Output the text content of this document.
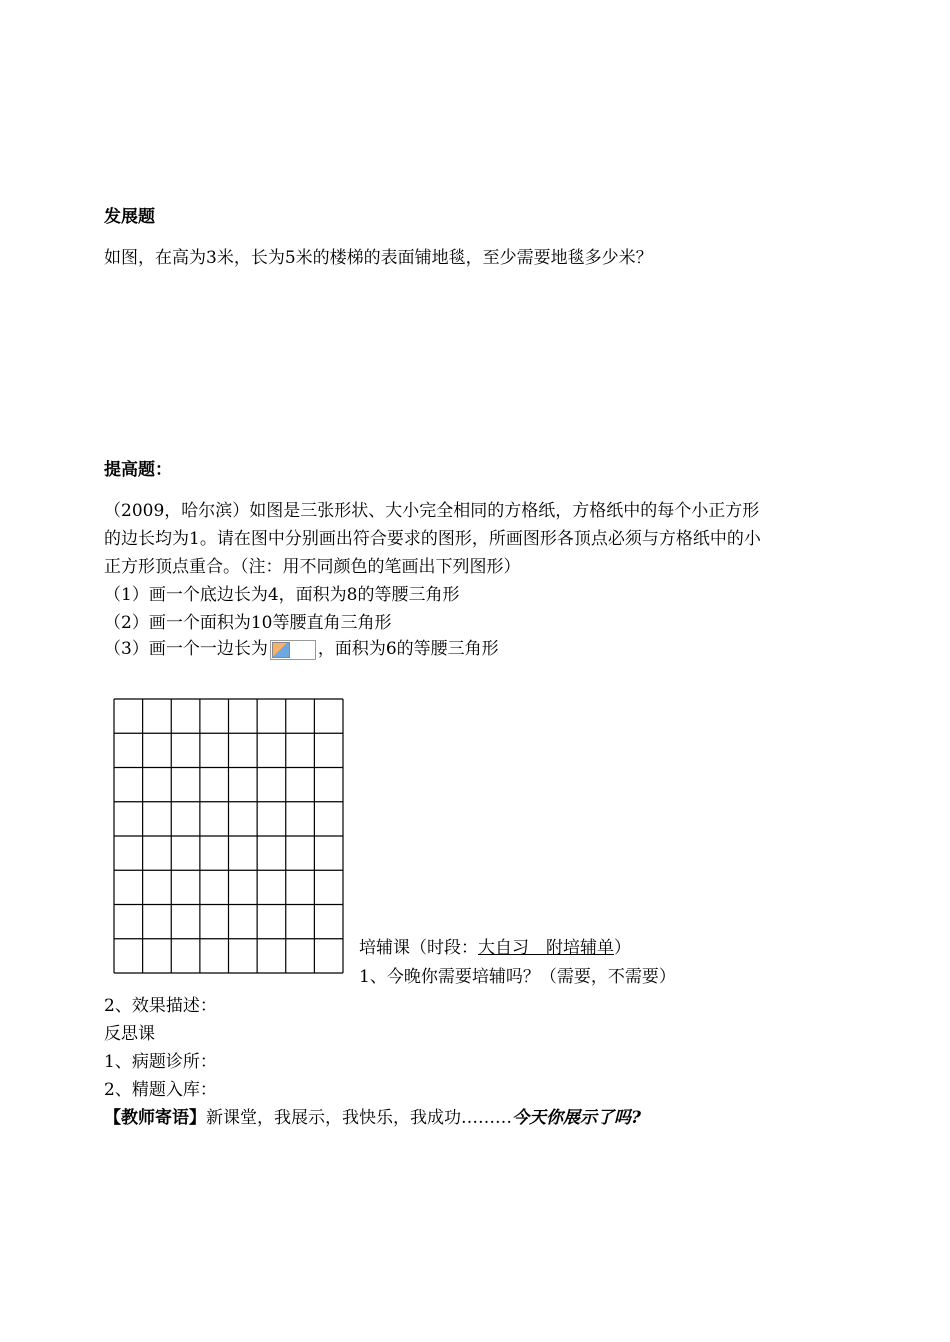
发展题
如图，在高为3米，长为5米的楼梯的表面铺地毯，至少需要地毯多少米？
提高题：
（2009，哈尔滨）如图是三张形状、大小完全相同的方格纸，方格纸中的每个小正方形
的边长均为1。请在图中分别画出符合要求的图形，所画图形各顶点必须与方格纸中的小
正方形顶点重合。（注：用不同颜色的笔画出下列图形）
（1）画一个底边长为4，面积为8的等腰三角形
（2）画一个面积为10等腰直角三角形
（3）画一个一边长为	，面积为6的等腰三角形
培辅课（时段：大自习　附培辅单）
1、今晚你需要培辅吗？（需要，不需要）
2、效果描述：
反思课
1、病题诊所：
2、精题入库：
【教师寄语】新课堂，我展示，我快乐，我成功………今天你展示了吗?
